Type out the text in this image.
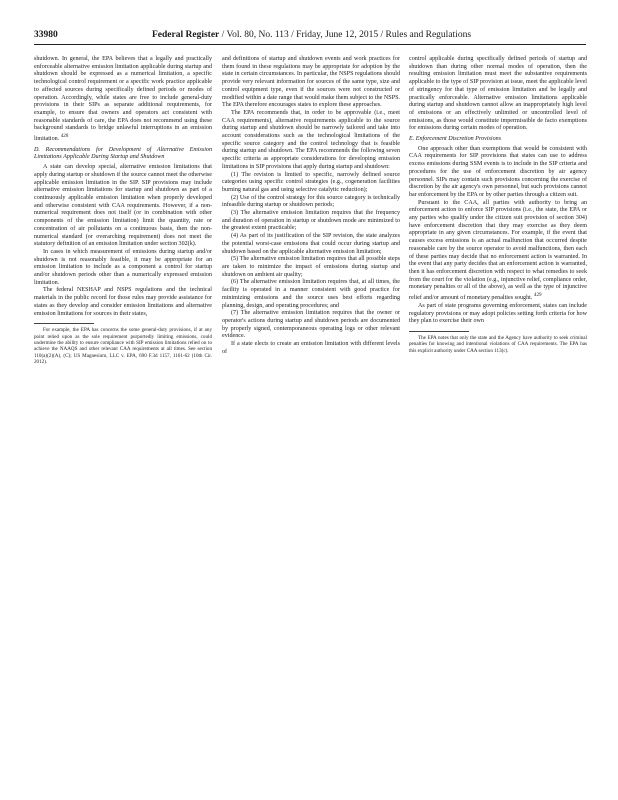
33980	Federal Register / Vol. 80, No. 113 / Friday, June 12, 2015 / Rules and Regulations

shutdown. In general, the EPA believes that a legally and practically enforceable alternative emission limitation applicable during startup and shutdown should be expressed as a numerical limitation, a specific technological control requirement or a specific work practice applicable to affected sources during specifically defined periods or modes of operation. Accordingly, while states are free to include general-duty provisions in their SIPs as separate additional requirements, for example, to ensure that owners and operators act consistent with reasonable standards of care, the EPA does not recommend using these background standards to bridge unlawful interruptions in an emission limitation. $^{428}$

D. Recommendations for Development of Alternative Emission Limitations Applicable During Startup and Shutdown

A state can develop special, alternative emission limitations that apply during startup or shutdown if the source cannot meet the otherwise applicable emission limitation in the SIP. SIP provisions may include alternative emission limitations for startup and shutdown as part of a continuously applicable emission limitation when properly developed and otherwise consistent with CAA requirements. However, if a non-numerical requirement does not itself (or in combination with other components of the emission limitation) limit the quantity, rate or concentration of air pollutants on a continuous basis, then the non-numerical standard (or overarching requirement) does not meet the statutory definition of an emission limitation under section 302(k).

In cases in which measurement of emissions during startup and/or shutdown is not reasonably feasible, it may be appropriate for an emission limitation to include as a component a control for startup and/or shutdown periods other than a numerically expressed emission limitation.

The federal NESHAP and NSPS regulations and the technical materials in the public record for those rules may provide assistance for states as they develop and consider emission limitations and alternative emission limitations for sources in their states,

For example, the EPA has concerns the some general-duty provisions, if at any point relied upon as the sole requirement purportedly limiting emissions, could undermine the ability to ensure compliance with SIP emission limitations relied on to achieve the NAAQS and other relevant CAA requirements at all times. See section 110(a)(2)(A), (C); US Magnesium, LLC v. EPA, 690 F.3d 1157, 1161-62 (10th Cir. 2012).

and definitions of startup and shutdown events and work practices for them found in these regulations may be appropriate for adoption by the state in certain circumstances. In particular, the NSPS regulations should provide very relevant information for sources of the same type, size and control equipment type, even if the sources were not constructed or modified within a date range that would make them subject to the NSPS. The EPA therefore encourages states to explore these approaches.

The EPA recommends that, in order to be approvable (i.e., meet CAA requirements), alternative requirements applicable to the source during startup and shutdown should be narrowly tailored and take into account considerations such as the technological limitations of the specific source category and the control technology that is feasible during startup and shutdown. The EPA recommends the following seven specific criteria as appropriate considerations for developing emission limitations in SIP provisions that apply during startup and shutdown:

(1) The revision is limited to specific, narrowly defined source categories using specific control strategies (e.g., cogeneration facilities burning natural gas and using selective catalytic reduction);

(2) Use of the control strategy for this source category is technically infeasible during startup or shutdown periods;

(3) The alternative emission limitation requires that the frequency and duration of operation in startup or shutdown mode are minimized to the greatest extent practicable;

(4) As part of its justification of the SIP revision, the state analyzes the potential worst-case emissions that could occur during startup and shutdown based on the applicable alternative emission limitation;

(5) The alternative emission limitation requires that all possible steps are taken to minimize the impact of emissions during startup and shutdown on ambient air quality;

(6) The alternative emission limitation requires that, at all times, the facility is operated in a manner consistent with good practice for minimizing emissions and the source uses best efforts regarding planning, design, and operating procedures; and

(7) The alternative emission limitation requires that the owner or operator's actions during startup and shutdown periods are documented by properly signed, contemporaneous operating logs or other relevant evidence.

If a state elects to create an emission limitation with different levels of

control applicable during specifically defined periods of startup and shutdown than during other normal modes of operation, then the resulting emission limitation must meet the substantive requirements applicable to the type of SIP provision at issue, meet the applicable level of stringency for that type of emission limitation and be legally and practically enforceable. Alternative emission limitations applicable during startup and shutdown cannot allow an inappropriately high level of emissions or an effectively unlimited or uncontrolled level of emissions, as those would constitute impermissible de facto exemptions for emissions during certain modes of operation.

E. Enforcement Discretion Provisions

One approach other than exemptions that would be consistent with CAA requirements for SIP provisions that states can use to address excess emissions during SSM events is to include in the SIP criteria and procedures for the use of enforcement discretion by air agency personnel. SIPs may contain such provisions concerning the exercise of discretion by the air agency's own personnel, but such provisions cannot bar enforcement by the EPA or by other parties through a citizen suit.

Pursuant to the CAA, all parties with authority to bring an enforcement action to enforce SIP provisions (i.e., the state, the EPA or any parties who qualify under the citizen suit provision of section 304) have enforcement discretion that they may exercise as they deem appropriate in any given circumstances. For example, if the event that causes excess emissions is an actual malfunction that occurred despite reasonable care by the source operator to avoid malfunctions, then each of these parties may decide that no enforcement action is warranted. In the event that any party decides that an enforcement action is warranted, then it has enforcement discretion with respect to what remedies to seek from the court for the violation (e.g., injunctive relief, compliance order, monetary penalties or all of the above), as well as the type of injunctive relief and/or amount of monetary penalties sought. $^{429}$

As part of state programs governing enforcement, states can include regulatory provisions or may adopt policies setting forth criteria for how they plan to exercise their own

The EPA notes that only the state and the Agency have authority to seek criminal penalties for knowing and intentional violations of CAA requirements. The EPA has this explicit authority under CAA section 113(c).
